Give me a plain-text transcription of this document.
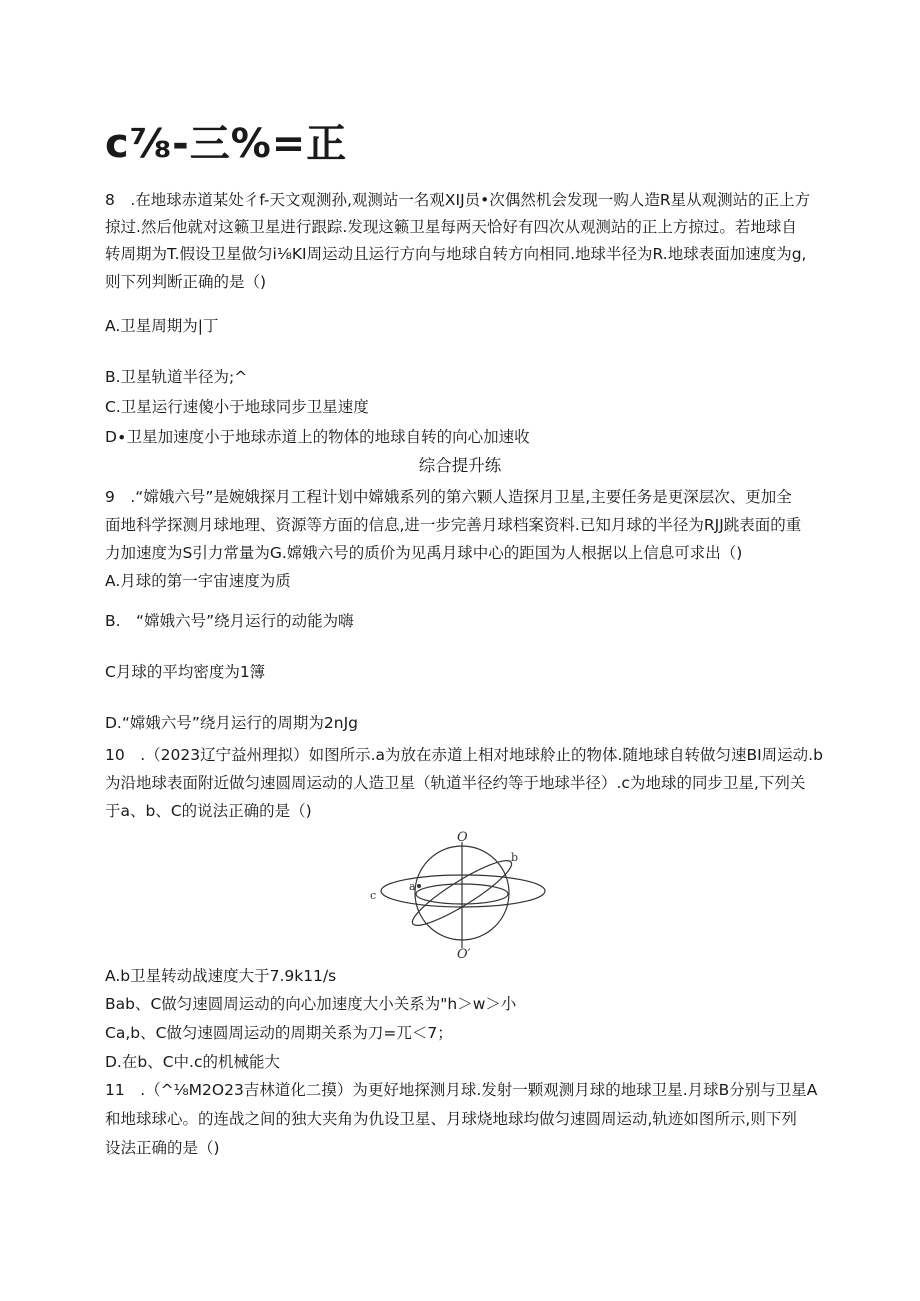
c⅞-三%=正
8　.在地球赤道某处彳f-天文观测孙,观测站一名观XIJ员•次偶然机会发现一购人造R星从观测站的正上方
掠过.然后他就对这籁卫星进行跟踪.发现这籁卫星每两天恰好有四次从观测站的正上方掠过。若地球自
转周期为T.假设卫星做匀i⅛KI周运动且运行方向与地球自转方向相同.地球半径为R.地球表面加速度为g,
则下列判断正确的是（)
A.卫星周期为|丁
B.卫星轨道半径为;^
C.卫星运行速傻小于地球同步卫星速度
D∙卫星加速度小于地球赤道上的物体的地球自转的向心加速收
综合提升练
9　.“嫦娥六号”是婉娥探月工程计划中嫦娥系列的第六颗人造探月卫星,主要任务是更深层次、更加全
面地科学探测月球地理、资源等方面的信息,进一步完善月球档案资料.已知月球的半径为RJJ跳表面的重
力加速度为S引力常量为G.嫦娥六号的质价为见禹月球中心的距国为人根据以上信息可求出（)
A.月球的第一宇宙速度为质
B.　“嫦娥六号”绕月运行的动能为嗨
C月球的平均密度为1簿
D.“嫦娥六号”绕月运行的周期为2nJg
10　.（2023辽宁益州理拟）如图所示.a为放在赤道上相对地球舲止的物体.随地球自转做匀速BI周运动.b
为沿地球表面附近做匀速圆周运动的人造卫星（轨道半径约等于地球半径）.c为地球的同步卫星,下列关
于a、b、C的说法正确的是（)
O
O′
a
b
c
A.b卫星转动战速度大于7.9k11∕s
Bab、C做匀速圆周运动的向心加速度大小关系为"h＞w＞小
Ca,b、C做匀速圆周运动的周期关系为刀=兀＜7；
D.在b、C中.c的机械能大
11　.（^⅛M2O23吉林道化二摸）为更好地探测月球.发射一颗观测月球的地球卫星.月球B分别与卫星A
和地球球心。的连战之间的独大夹角为仇设卫星、月球烧地球均做匀速圆周运动,轨迹如图所示,则下列
设法正确的是（)
